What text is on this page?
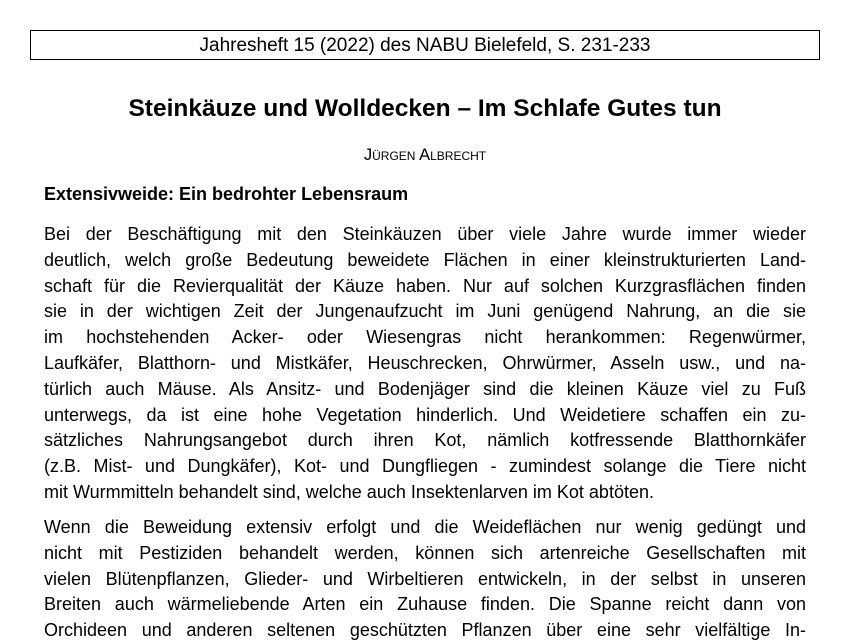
Jahresheft 15 (2022) des NABU Bielefeld, S. 231-233
Steinkäuze und Wolldecken – Im Schlafe Gutes tun
Jürgen Albrecht
Extensivweide: Ein bedrohter Lebensraum
Bei der Beschäftigung mit den Steinkäuzen über viele Jahre wurde immer wieder
deutlich, welch große Bedeutung beweidete Flächen in einer kleinstrukturierten Land-
schaft für die Revierqualität der Käuze haben. Nur auf solchen Kurzgrasflächen finden
sie in der wichtigen Zeit der Jungenaufzucht im Juni genügend Nahrung, an die sie
im hochstehenden Acker- oder Wiesengras nicht herankommen: Regenwürmer,
Laufkäfer, Blatthorn- und Mistkäfer, Heuschrecken, Ohrwürmer, Asseln usw., und na-
türlich auch Mäuse. Als Ansitz- und Bodenjäger sind die kleinen Käuze viel zu Fuß
unterwegs, da ist eine hohe Vegetation hinderlich. Und Weidetiere schaffen ein zu-
sätzliches Nahrungsangebot durch ihren Kot, nämlich kotfressende Blatthornkäfer
(z.B. Mist- und Dungkäfer), Kot- und Dungfliegen - zumindest solange die Tiere nicht
mit Wurmmitteln behandelt sind, welche auch Insektenlarven im Kot abtöten.
Wenn die Beweidung extensiv erfolgt und die Weideflächen nur wenig gedüngt und
nicht mit Pestiziden behandelt werden, können sich artenreiche Gesellschaften mit
vielen Blütenpflanzen, Glieder- und Wirbeltieren entwickeln, in der selbst in unseren
Breiten auch wärmeliebende Arten ein Zuhause finden. Die Spanne reicht dann von
Orchideen und anderen seltenen geschützten Pflanzen über eine sehr vielfältige In-
